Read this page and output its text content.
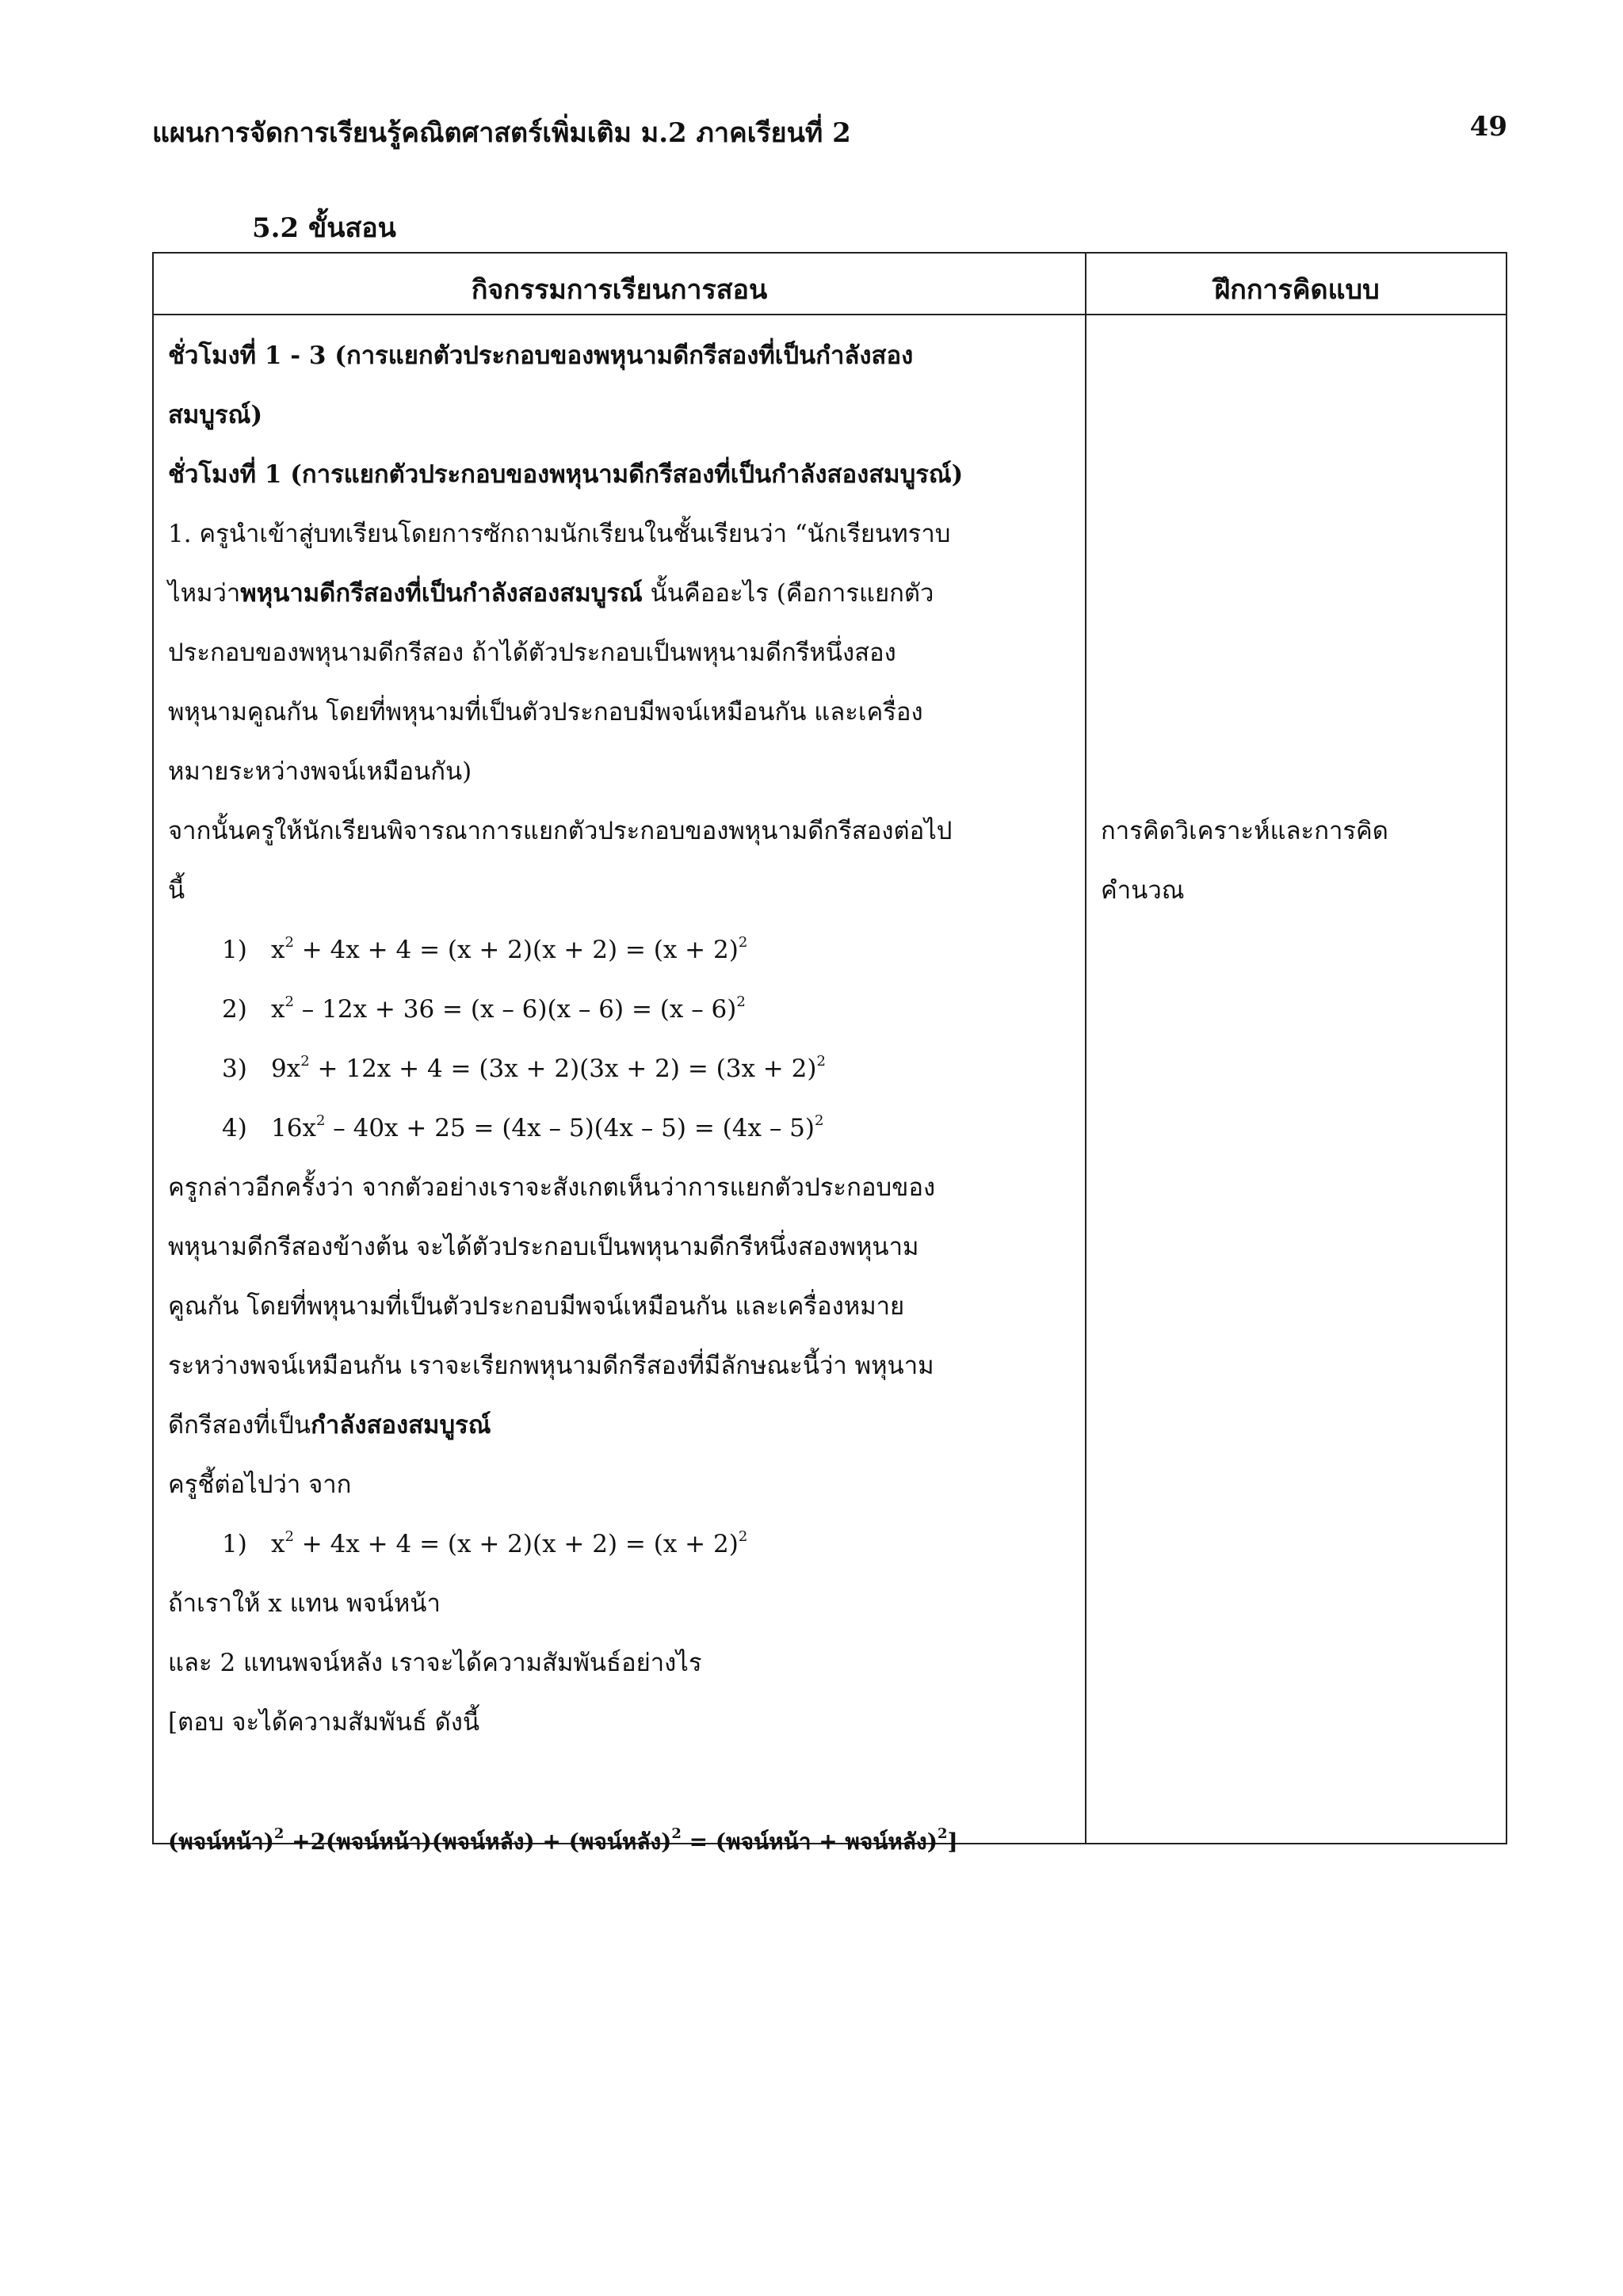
แผนการจัดการเรียนรู้คณิตศาสตร์เพิ่มเติม ม.2 ภาคเรียนที่ 2	49
5.2 ขั้นสอน
กิจกรรมการเรียนการสอน	ฝึกการคิดแบบ
ชั่วโมงที่ 1 - 3 (การแยกตัวประกอบของพหุนามดีกรีสองที่เป็นกำลังสอง
สมบูรณ์)
ชั่วโมงที่ 1 (การแยกตัวประกอบของพหุนามดีกรีสองที่เป็นกำลังสองสมบูรณ์)
1. ครูนำเข้าสู่บทเรียนโดยการซักถามนักเรียนในชั้นเรียนว่า “นักเรียนทราบ
ไหมว่าพหุนามดีกรีสองที่เป็นกำลังสองสมบูรณ์ นั้นคืออะไร (คือการแยกตัว
ประกอบของพหุนามดีกรีสอง ถ้าได้ตัวประกอบเป็นพหุนามดีกรีหนึ่งสอง
พหุนามคูณกัน โดยที่พหุนามที่เป็นตัวประกอบมีพจน์เหมือนกัน และเครื่อง
หมายระหว่างพจน์เหมือนกัน)
จากนั้นครูให้นักเรียนพิจารณาการแยกตัวประกอบของพหุนามดีกรีสองต่อไป
นี้
1) $x^2 + 4x + 4 = (x + 2)(x + 2) = (x + 2)^2$
2) $x^2 - 12x + 36 = (x - 6)(x - 6) = (x - 6)^2$
3) $9x^2 + 12x + 4 = (3x + 2)(3x + 2) = (3x + 2)^2$
4) $16x^2 - 40x + 25 = (4x - 5)(4x - 5) = (4x - 5)^2$
ครูกล่าวอีกครั้งว่า จากตัวอย่างเราจะสังเกตเห็นว่าการแยกตัวประกอบของ
พหุนามดีกรีสองข้างต้น จะได้ตัวประกอบเป็นพหุนามดีกรีหนึ่งสองพหุนาม
คูณกัน โดยที่พหุนามที่เป็นตัวประกอบมีพจน์เหมือนกัน และเครื่องหมาย
ระหว่างพจน์เหมือนกัน เราจะเรียกพหุนามดีกรีสองที่มีลักษณะนี้ว่า พหุนาม
ดีกรีสองที่เป็นกำลังสองสมบูรณ์
ครูชี้ต่อไปว่า จาก
1) $x^2 + 4x + 4 = (x + 2)(x + 2) = (x + 2)^2$
ถ้าเราให้ x แทน พจน์หน้า
และ 2 แทนพจน์หลัง เราจะได้ความสัมพันธ์อย่างไร
[ตอบ จะได้ความสัมพันธ์ ดังนี้
(พจน์หน้า)$^2$ +2(พจน์หน้า)(พจน์หลัง) + (พจน์หลัง)$^2$ = (พจน์หน้า + พจน์หลัง)$^2$]
การคิดวิเคราะห์และการคิด
คำนวณ
